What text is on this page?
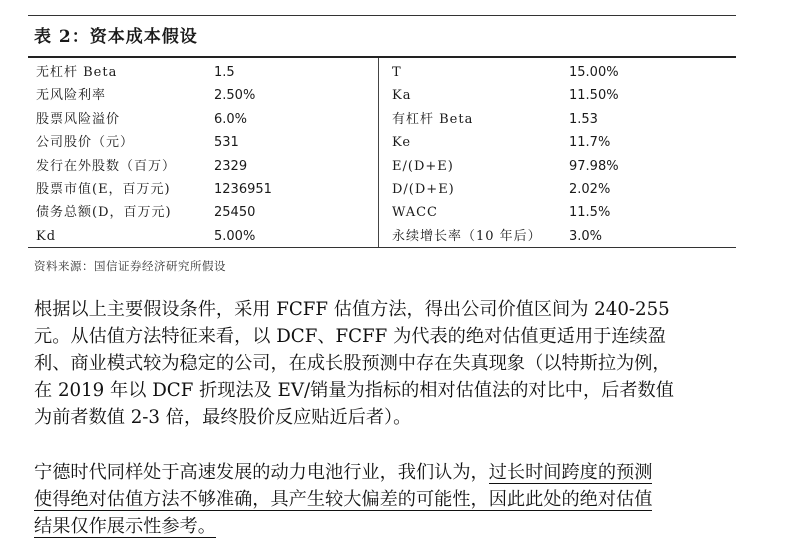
表 2：资本成本假设
无杠杆 Beta	1.5	T	15.00%
无风险利率	2.50%	Ka	11.50%
股票风险溢价	6.0%	有杠杆 Beta	1.53
公司股价（元）	531	Ke	11.7%
发行在外股数（百万）	2329	E/(D+E)	97.98%
股票市值(E，百万元)	1236951	D/(D+E)	2.02%
债务总额(D，百万元)	25450	WACC	11.5%
Kd	5.00%	永续增长率（10 年后） 3.0%
资料来源：国信证券经济研究所假设
根据以上主要假设条件，采用 FCFF 估值方法，得出公司价值区间为 240-255
元。从估值方法特征来看，以 DCF、FCFF 为代表的绝对估值更适用于连续盈
利、商业模式较为稳定的公司，在成长股预测中存在失真现象（以特斯拉为例，
在 2019 年以 DCF 折现法及 EV/销量为指标的相对估值法的对比中，后者数值
为前者数值 2-3 倍，最终股价反应贴近后者）。
宁德时代同样处于高速发展的动力电池行业，我们认为，过长时间跨度的预测
使得绝对估值方法不够准确，具产生较大偏差的可能性，因此此处的绝对估值
结果仅作展示性参考。
